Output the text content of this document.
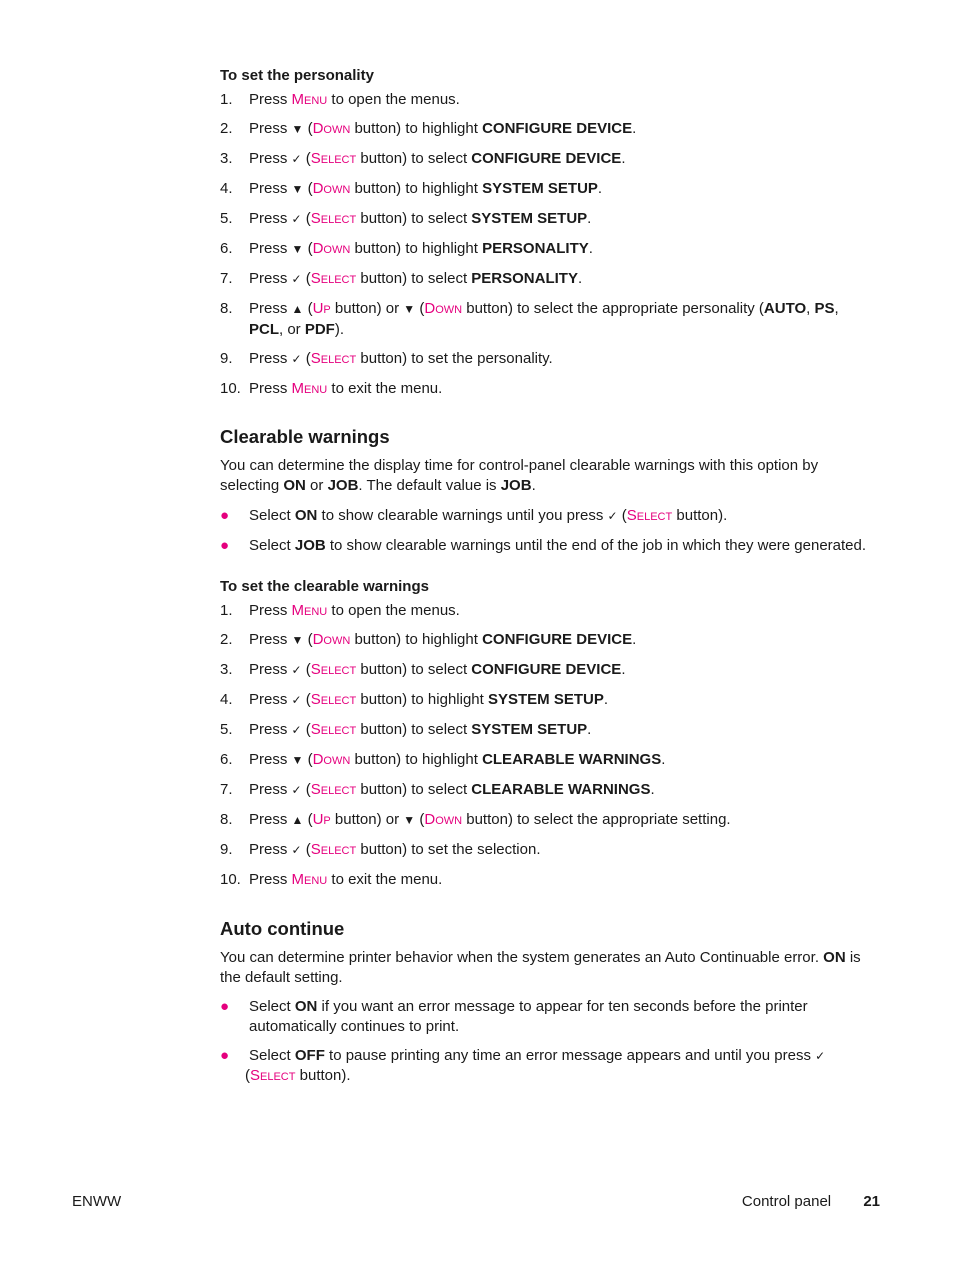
To set the personality

1. Press Menu to open the menus.
2. Press ▼ (Down button) to highlight CONFIGURE DEVICE.
3. Press ✓ (Select button) to select CONFIGURE DEVICE.
4. Press ▼ (Down button) to highlight SYSTEM SETUP.
5. Press ✓ (Select button) to select SYSTEM SETUP.
6. Press ▼ (Down button) to highlight PERSONALITY.
7. Press ✓ (Select button) to select PERSONALITY.
8. Press ▲ (Up button) or ▼ (Down button) to select the appropriate personality (AUTO, PS, PCL, or PDF).
9. Press ✓ (Select button) to set the personality.
10. Press Menu to exit the menu.
Clearable warnings

You can determine the display time for control-panel clearable warnings with this option by selecting ON or JOB. The default value is JOB.

● Select ON to show clearable warnings until you press ✓ (Select button).
● Select JOB to show clearable warnings until the end of the job in which they were generated.

To set the clearable warnings

1. Press Menu to open the menus.
2. Press ▼ (Down button) to highlight CONFIGURE DEVICE.
3. Press ✓ (Select button) to select CONFIGURE DEVICE.
4. Press ✓ (Select button) to highlight SYSTEM SETUP.
5. Press ✓ (Select button) to select SYSTEM SETUP.
6. Press ▼ (Down button) to highlight CLEARABLE WARNINGS.
7. Press ✓ (Select button) to select CLEARABLE WARNINGS.
8. Press ▲ (Up button) or ▼ (Down button) to select the appropriate setting.
9. Press ✓ (Select button) to set the selection.
10. Press Menu to exit the menu.
Auto continue

You can determine printer behavior when the system generates an Auto Continuable error. ON is the default setting.

● Select ON if you want an error message to appear for ten seconds before the printer automatically continues to print.
● Select OFF to pause printing any time an error message appears and until you press ✓
(Select button).
ENWW	Control panel 21
